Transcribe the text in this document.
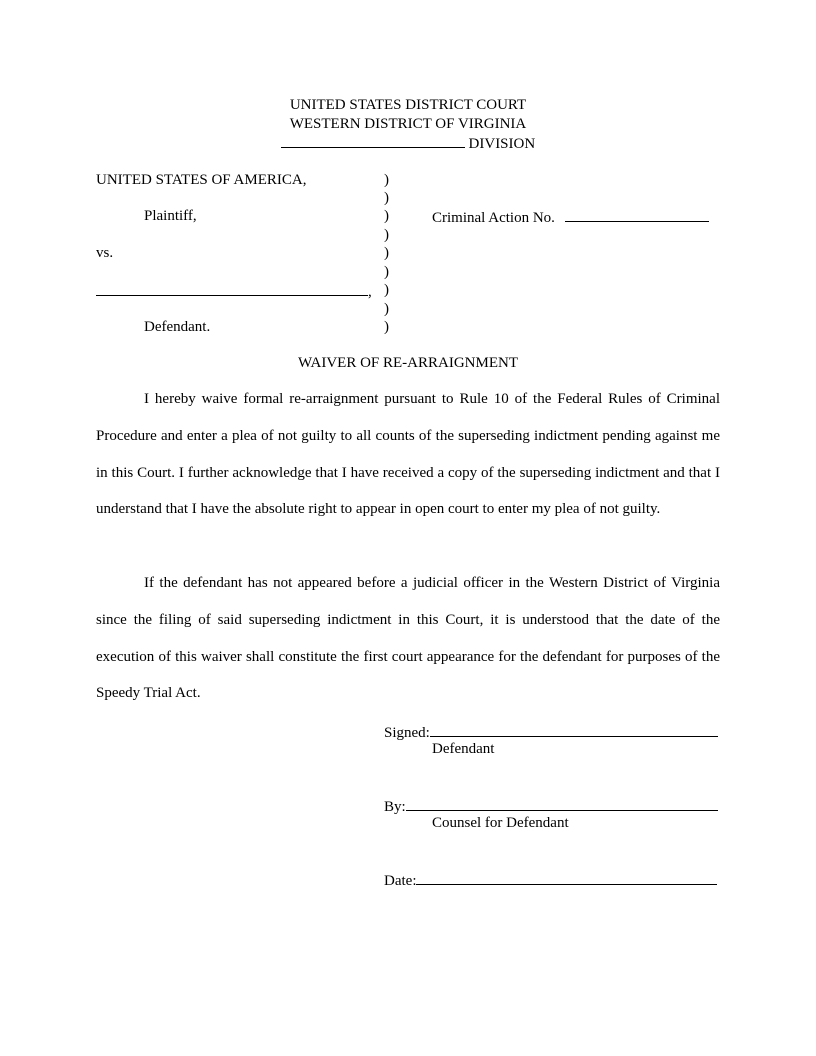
UNITED STATES DISTRICT COURT
WESTERN DISTRICT OF VIRGINIA
DIVISION
UNITED STATES OF AMERICA,
Plaintiff,
vs.
,
Defendant.
)
)
)
)
)
)
)
)
)
Criminal Action No.
WAIVER OF RE-ARRAIGNMENT
I hereby waive formal re-arraignment pursuant to Rule 10 of the Federal Rules of Criminal Procedure and enter a plea of not guilty to all counts of the superseding indictment pending against me in this Court. I further acknowledge that I have received a copy of the superseding indictment and that I understand that I have the absolute right to appear in open court to enter my plea of not guilty.
If the defendant has not appeared before a judicial officer in the Western District of Virginia since the filing of said superseding indictment in this Court, it is understood that the date of the execution of this waiver shall constitute the first court appearance for the defendant for purposes of the Speedy Trial Act.
Signed:
Defendant
By:
Counsel for Defendant
Date:
